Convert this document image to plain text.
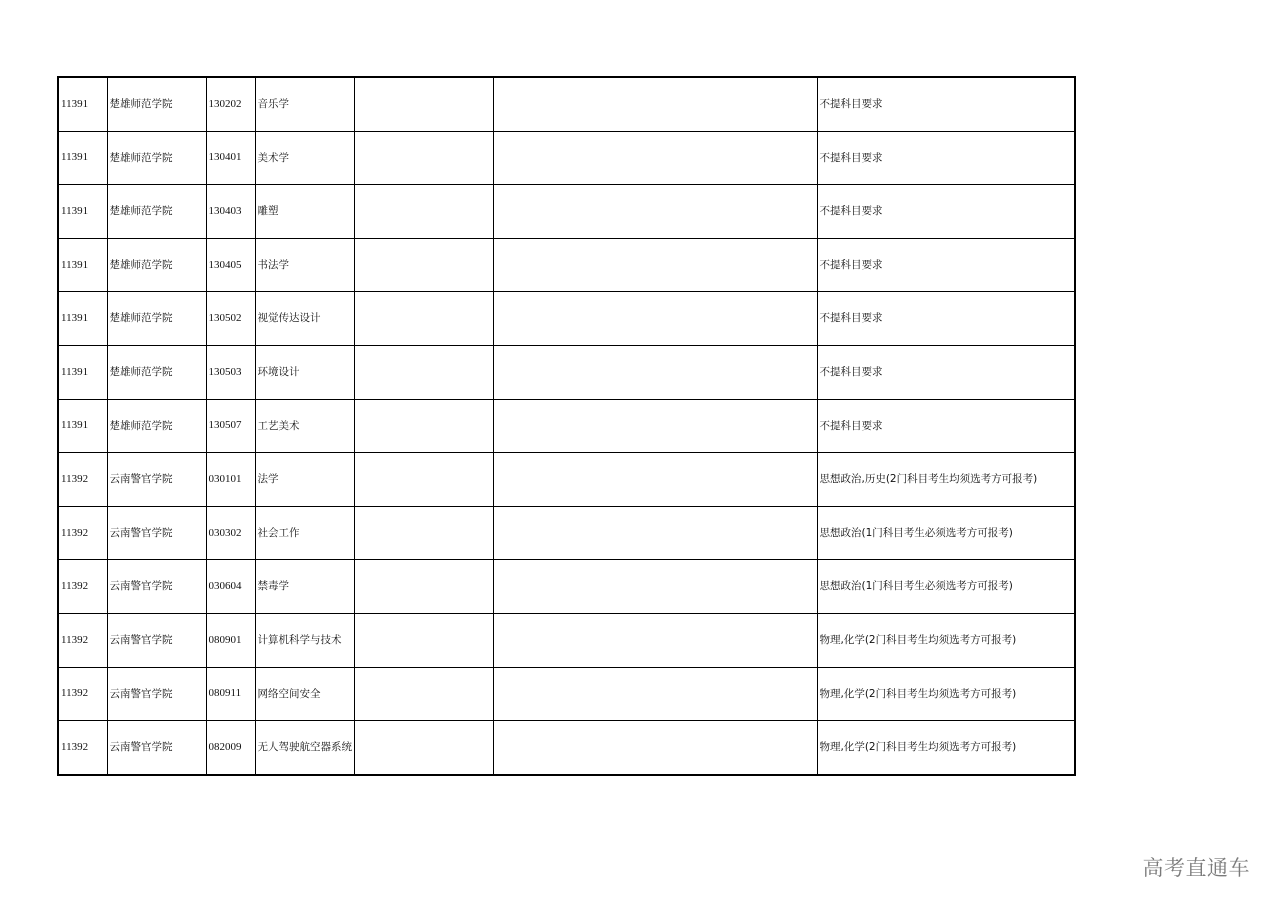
11391	楚雄师范学院	130202	音乐学			不提科目要求
11391	楚雄师范学院	130401	美术学			不提科目要求
11391	楚雄师范学院	130403	雕塑			不提科目要求
11391	楚雄师范学院	130405	书法学			不提科目要求
11391	楚雄师范学院	130502	视觉传达设计			不提科目要求
11391	楚雄师范学院	130503	环境设计			不提科目要求
11391	楚雄师范学院	130507	工艺美术			不提科目要求
11392	云南警官学院	030101	法学			思想政治,历史(2门科目考生均须选考方可报考)
11392	云南警官学院	030302	社会工作			思想政治(1门科目考生必须选考方可报考)
11392	云南警官学院	030604	禁毒学			思想政治(1门科目考生必须选考方可报考)
11392	云南警官学院	080901	计算机科学与技术			物理,化学(2门科目考生均须选考方可报考)
11392	云南警官学院	080911	网络空间安全			物理,化学(2门科目考生均须选考方可报考)
11392	云南警官学院	082009	无人驾驶航空器系统			物理,化学(2门科目考生均须选考方可报考)
高考直通车
